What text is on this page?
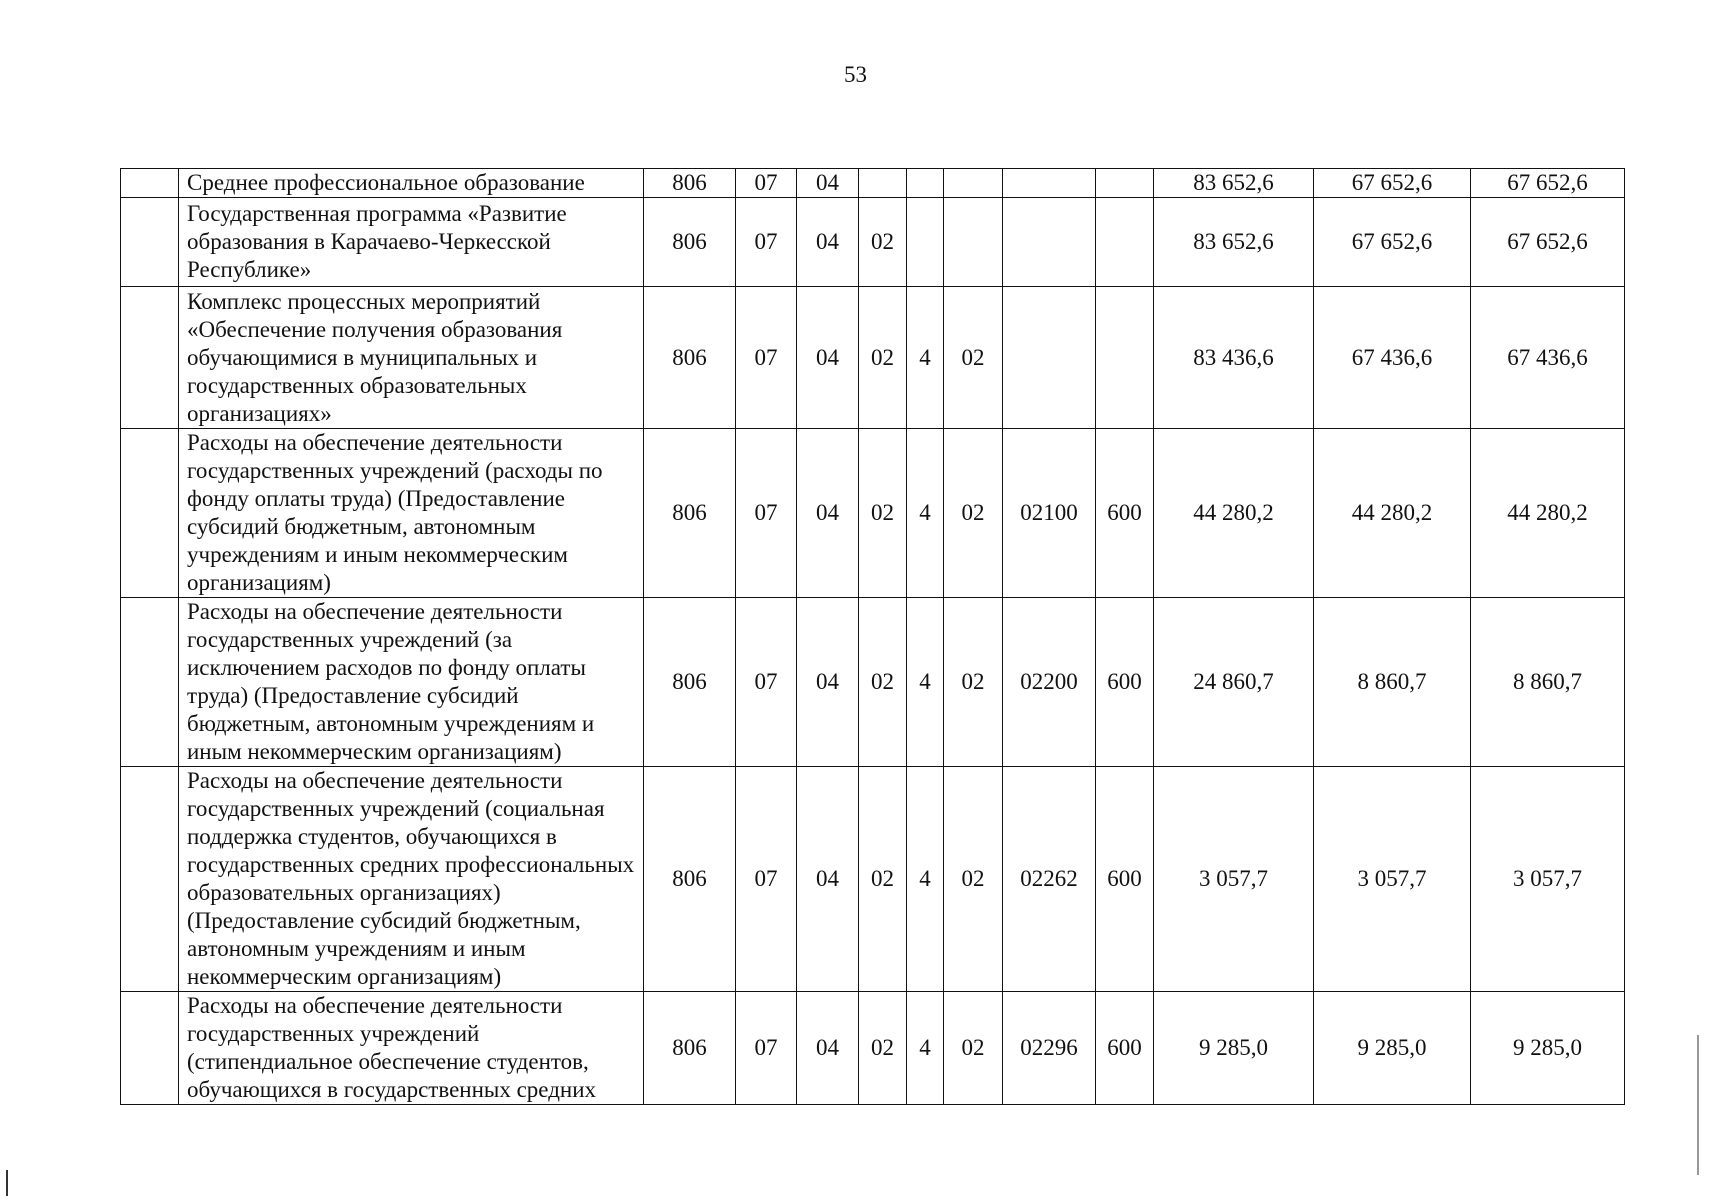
53
	Среднее профессиональное образование	806	07	04						83 652,6	67 652,6	67 652,6
	Государственная программа «Развитие образования в Карачаево-Черкесской Республике»	806	07	04	02					83 652,6	67 652,6	67 652,6
	Комплекс процессных мероприятий «Обеспечение получения образования обучающимися в муниципальных и государственных образовательных организациях»	806	07	04	02	4	02			83 436,6	67 436,6	67 436,6
	Расходы на обеспечение деятельности государственных учреждений (расходы по фонду оплаты труда) (Предоставление субсидий бюджетным, автономным учреждениям и иным некоммерческим организациям)	806	07	04	02	4	02	02100	600	44 280,2	44 280,2	44 280,2
	Расходы на обеспечение деятельности государственных учреждений (за исключением расходов по фонду оплаты труда) (Предоставление субсидий бюджетным, автономным учреждениям и иным некоммерческим организациям)	806	07	04	02	4	02	02200	600	24 860,7	8 860,7	8 860,7
	Расходы на обеспечение деятельности государственных учреждений (социальная поддержка студентов, обучающихся в государственных средних профессиональных образовательных организациях) (Предоставление субсидий бюджетным, автономным учреждениям и иным некоммерческим организациям)	806	07	04	02	4	02	02262	600	3 057,7	3 057,7	3 057,7
	Расходы на обеспечение деятельности государственных учреждений (стипендиальное обеспечение студентов, обучающихся в государственных средних	806	07	04	02	4	02	02296	600	9 285,0	9 285,0	9 285,0
